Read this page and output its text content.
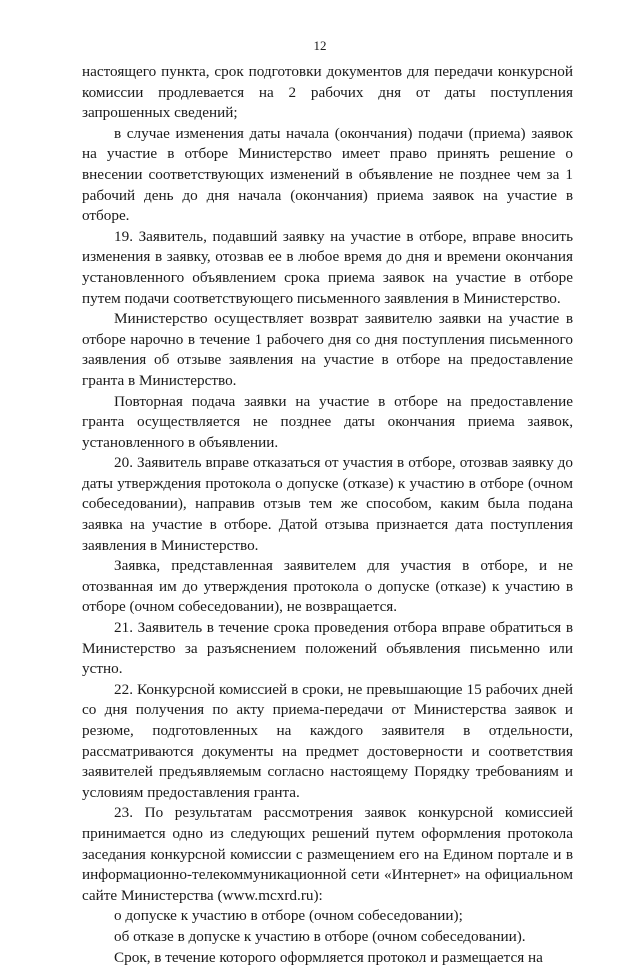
12

настоящего пункта, срок подготовки документов для передачи конкурсной комиссии продлевается на 2 рабочих дня от даты поступления запрошенных сведений;

в случае изменения даты начала (окончания) подачи (приема) заявок на участие в отборе Министерство имеет право принять решение о внесении соответствующих изменений в объявление не позднее чем за 1 рабочий день до дня начала (окончания) приема заявок на участие в отборе.

19. Заявитель, подавший заявку на участие в отборе, вправе вносить изменения в заявку, отозвав ее в любое время до дня и времени окончания установленного объявлением срока приема заявок на участие в отборе путем подачи соответствующего письменного заявления в Министерство.

Министерство осуществляет возврат заявителю заявки на участие в отборе нарочно в течение 1 рабочего дня со дня поступления письменного заявления об отзыве заявления на участие в отборе на предоставление гранта в Министерство.

Повторная подача заявки на участие в отборе на предоставление гранта осуществляется не позднее даты окончания приема заявок, установленного в объявлении.

20. Заявитель вправе отказаться от участия в отборе, отозвав заявку до даты утверждения протокола о допуске (отказе) к участию в отборе (очном собеседовании), направив отзыв тем же способом, каким была подана заявка на участие в отборе. Датой отзыва признается дата поступления заявления в Министерство.

Заявка, представленная заявителем для участия в отборе, и не отозванная им до утверждения протокола о допуске (отказе) к участию в отборе (очном собеседовании), не возвращается.

21. Заявитель в течение срока проведения отбора вправе обратиться в Министерство за разъяснением положений объявления письменно или устно.

22. Конкурсной комиссией в сроки, не превышающие 15 рабочих дней со дня получения по акту приема-передачи от Министерства заявок и резюме, подготовленных на каждого заявителя в отдельности, рассматриваются документы на предмет достоверности и соответствия заявителей предъявляемым согласно настоящему Порядку требованиям и условиям предоставления гранта.

23. По результатам рассмотрения заявок конкурсной комиссией принимается одно из следующих решений путем оформления протокола заседания конкурсной комиссии с размещением его на Едином портале и в информационно-телекоммуникационной сети «Интернет» на официальном сайте Министерства (www.mcxrd.ru):

о допуске к участию в отборе (очном собеседовании);

об отказе в допуске к участию в отборе (очном собеседовании).

Срок, в течение которого оформляется протокол и размещается на
